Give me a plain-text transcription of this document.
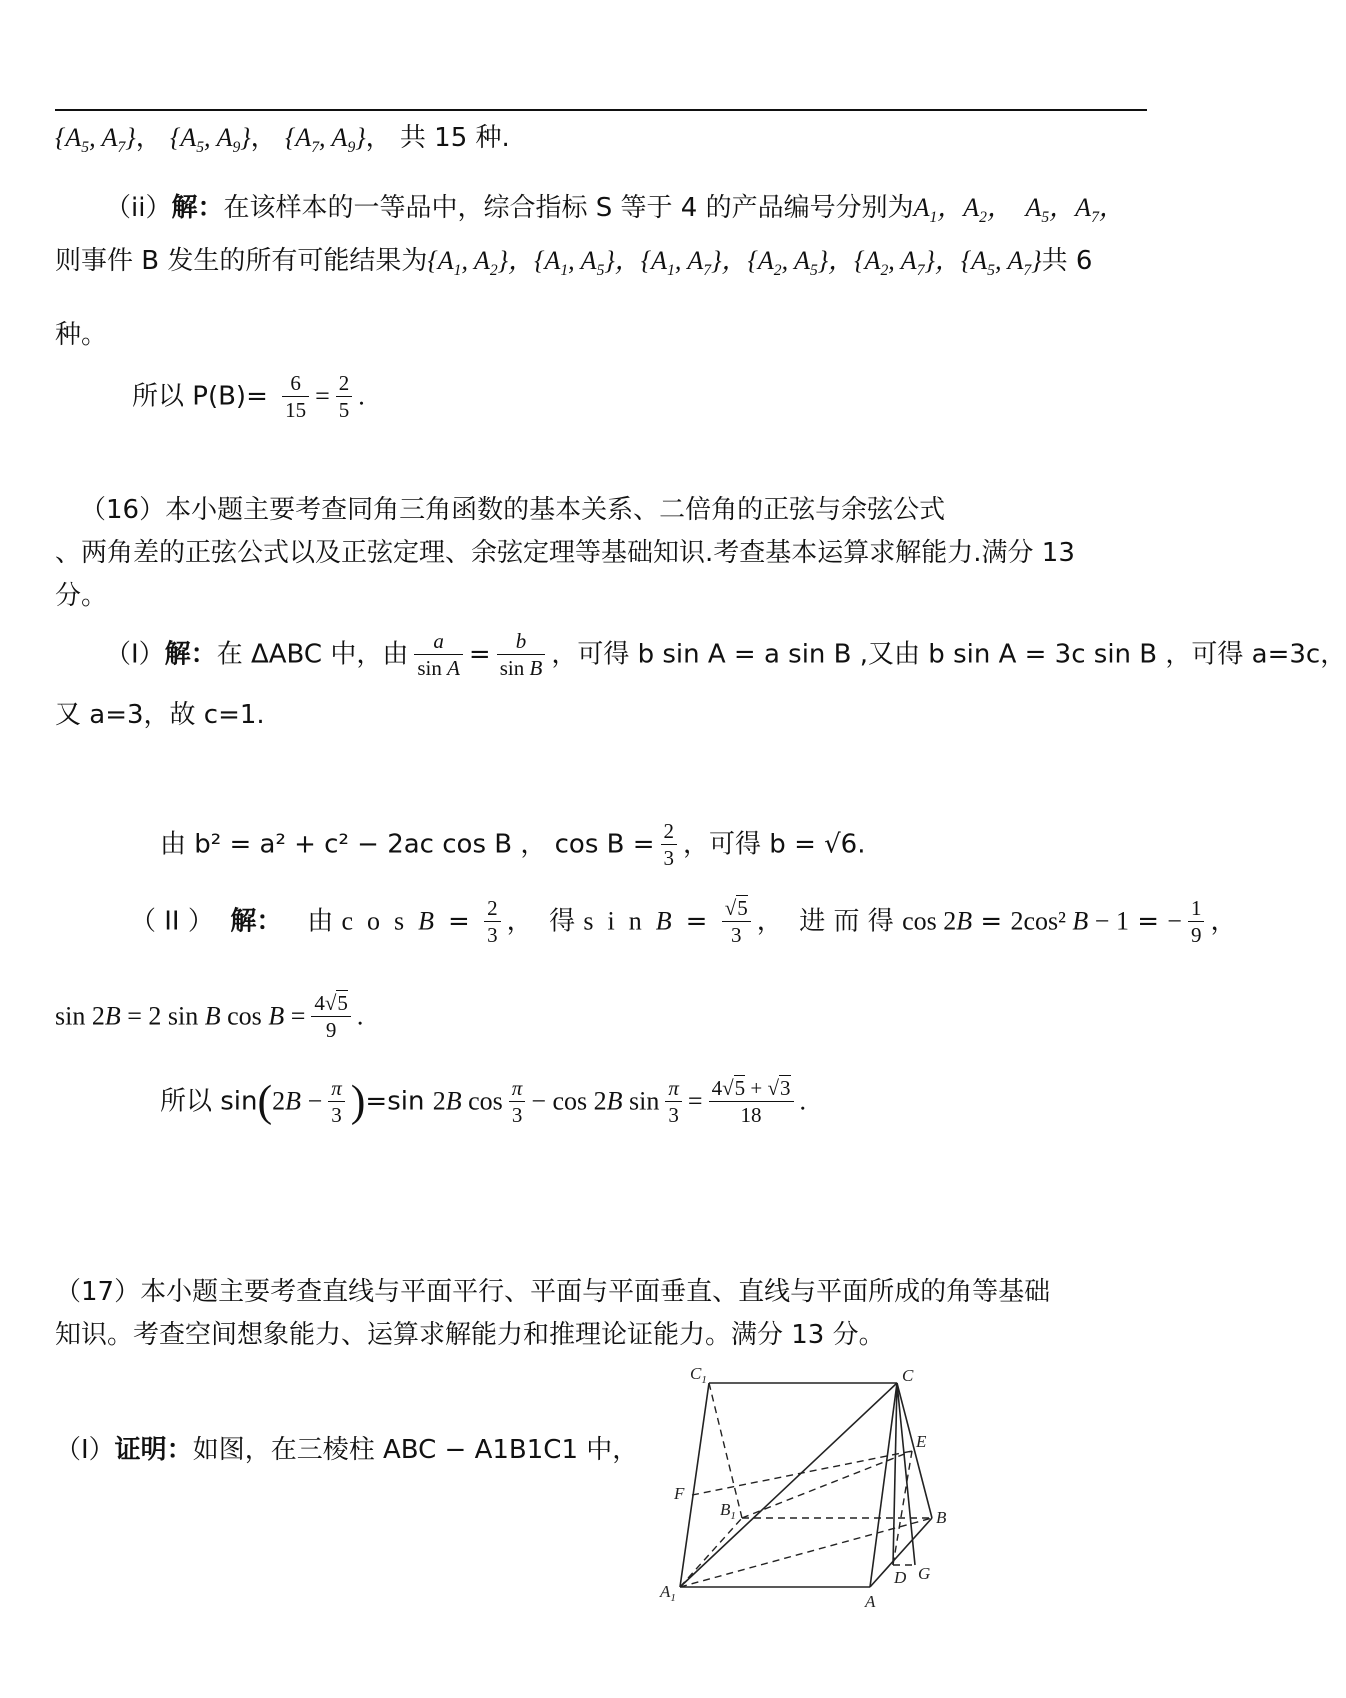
{$A_5$, $A_7$}， {$A_5$, $A_9$}， {$A_7$, $A_9$}， 共 15 种.
（ii）解：在该样本的一等品中，综合指标 S 等于 4 的产品编号分别为$A_1$，$A_2$，  $A_5$，$A_7$，
则事件 B 发生的所有可能结果为{$A_1$, $A_2$}，{$A_1$, $A_5$}，{$A_1$, $A_7$}，{$A_2$, $A_5$}，{$A_2$, $A_7$}，{$A_5$, $A_7$}共 6
种。
所以 $P(B)= \frac{6}{15} = \frac{2}{5}$ .
（16）本小题主要考查同角三角函数的基本关系、二倍角的正弦与余弦公式
、两角差的正弦公式以及正弦定理、余弦定理等基础知识.考查基本运算求解能力.满分 13
分。
（I）解：在 ΔABC 中，由 $\frac{a}{\text{sin A}} = \frac{b}{\text{sin B}}$ ，可得 b sin A = a sin B ,又由 b sin A = 3c sin B ，可得 a=3c，
又 a=3，故 c=1.
由 b² = a² + c² − 2ac cos B ， $\cos B = \frac{2}{3}$ ，可得 b = √6.
（ II ） 解：   由 $\cos B= \frac{2}{3}$ ，  得 $\sin B= \frac{√5}{3}$ ，  进 而 得 cos 2B = 2cos² B − 1 = − $\frac{1}{9}$ ，
sin 2B = 2 sin B $\cos B = \frac{4√5}{9}$ .
所以 $\sin(2B - \frac{\pi}{3} )=\sin$ 2B $\cos \frac{\pi}{3} - \cos 2B$ $\sin \frac{\pi}{3} = \frac{4√5 + √3}{18}$ .
（17）本小题主要考查直线与平面平行、平面与平面垂直、直线与平面所成的角等基础
知识。考查空间想象能力、运算求解能力和推理论证能力。满分 13 分。
（I）证明：如图，在三棱柱 ABC − A1B1C1 中，
$C_1$	C
E
F
$B_1$	B
D G
$A_1$	A
